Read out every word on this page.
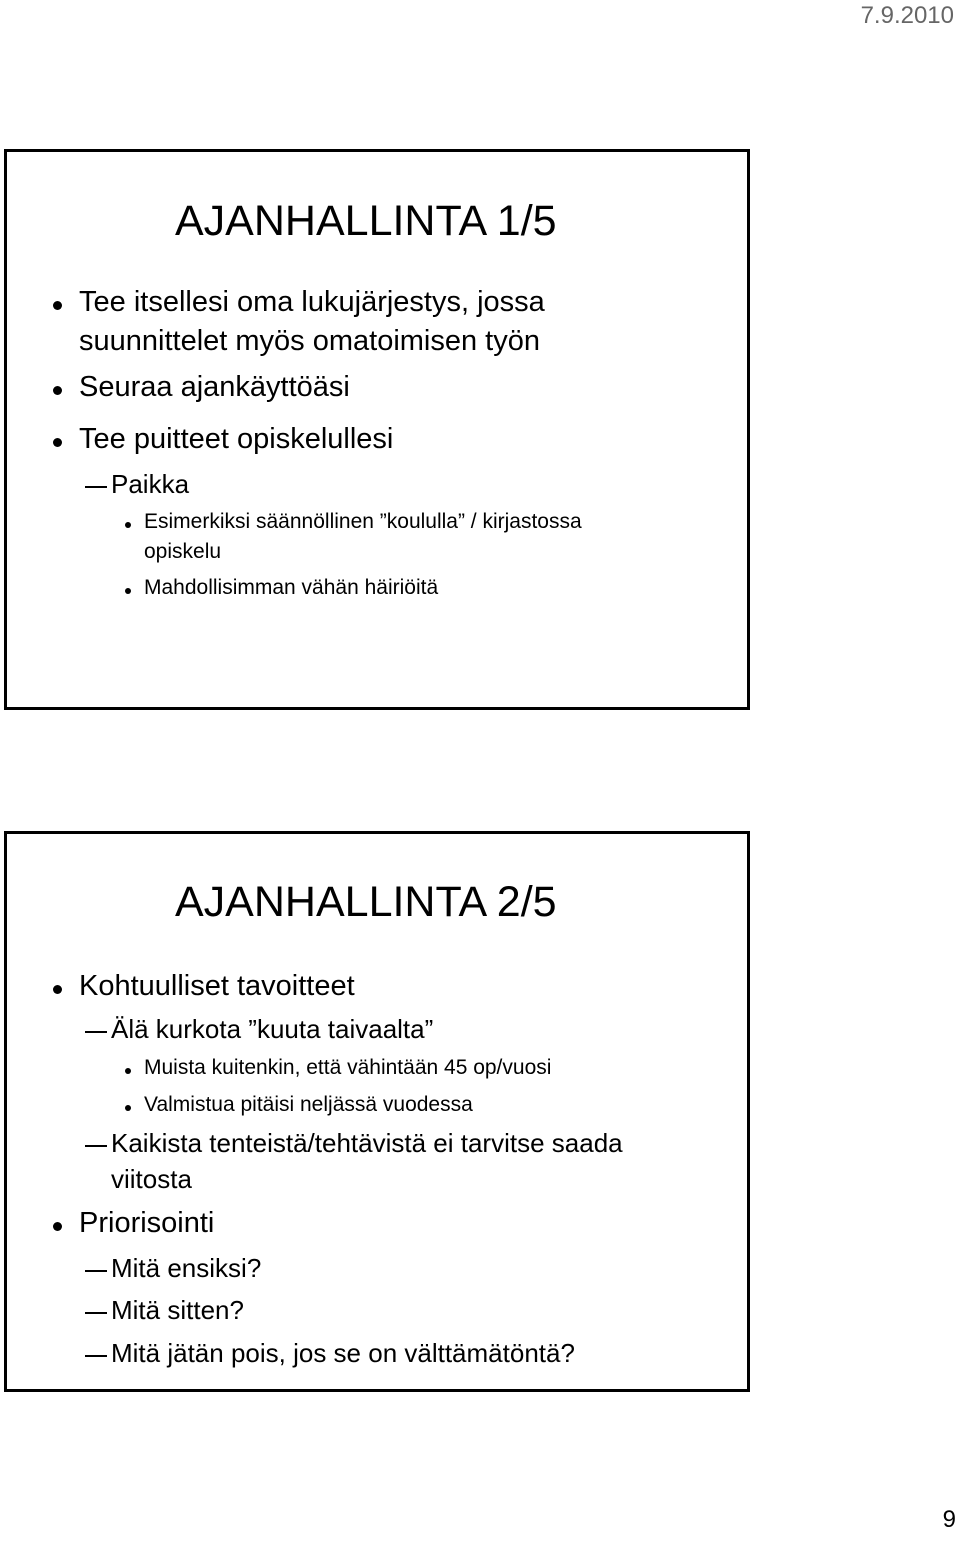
7.9.2010
AJANHALLINTA 1/5
Tee itsellesi oma lukujärjestys, jossa
suunnittelet myös omatoimisen työn
Seuraa ajankäyttöäsi
Tee puitteet opiskelullesi
Paikka
Esimerkiksi säännöllinen ”koululla” / kirjastossa
opiskelu
Mahdollisimman vähän häiriöitä
AJANHALLINTA 2/5
Kohtuulliset tavoitteet
Älä kurkota ”kuuta taivaalta”
Muista kuitenkin, että vähintään 45 op/vuosi
Valmistua pitäisi neljässä vuodessa
Kaikista tenteistä/tehtävistä ei tarvitse saada
viitosta
Priorisointi
Mitä ensiksi?
Mitä sitten?
Mitä jätän pois, jos se on välttämätöntä?
9
